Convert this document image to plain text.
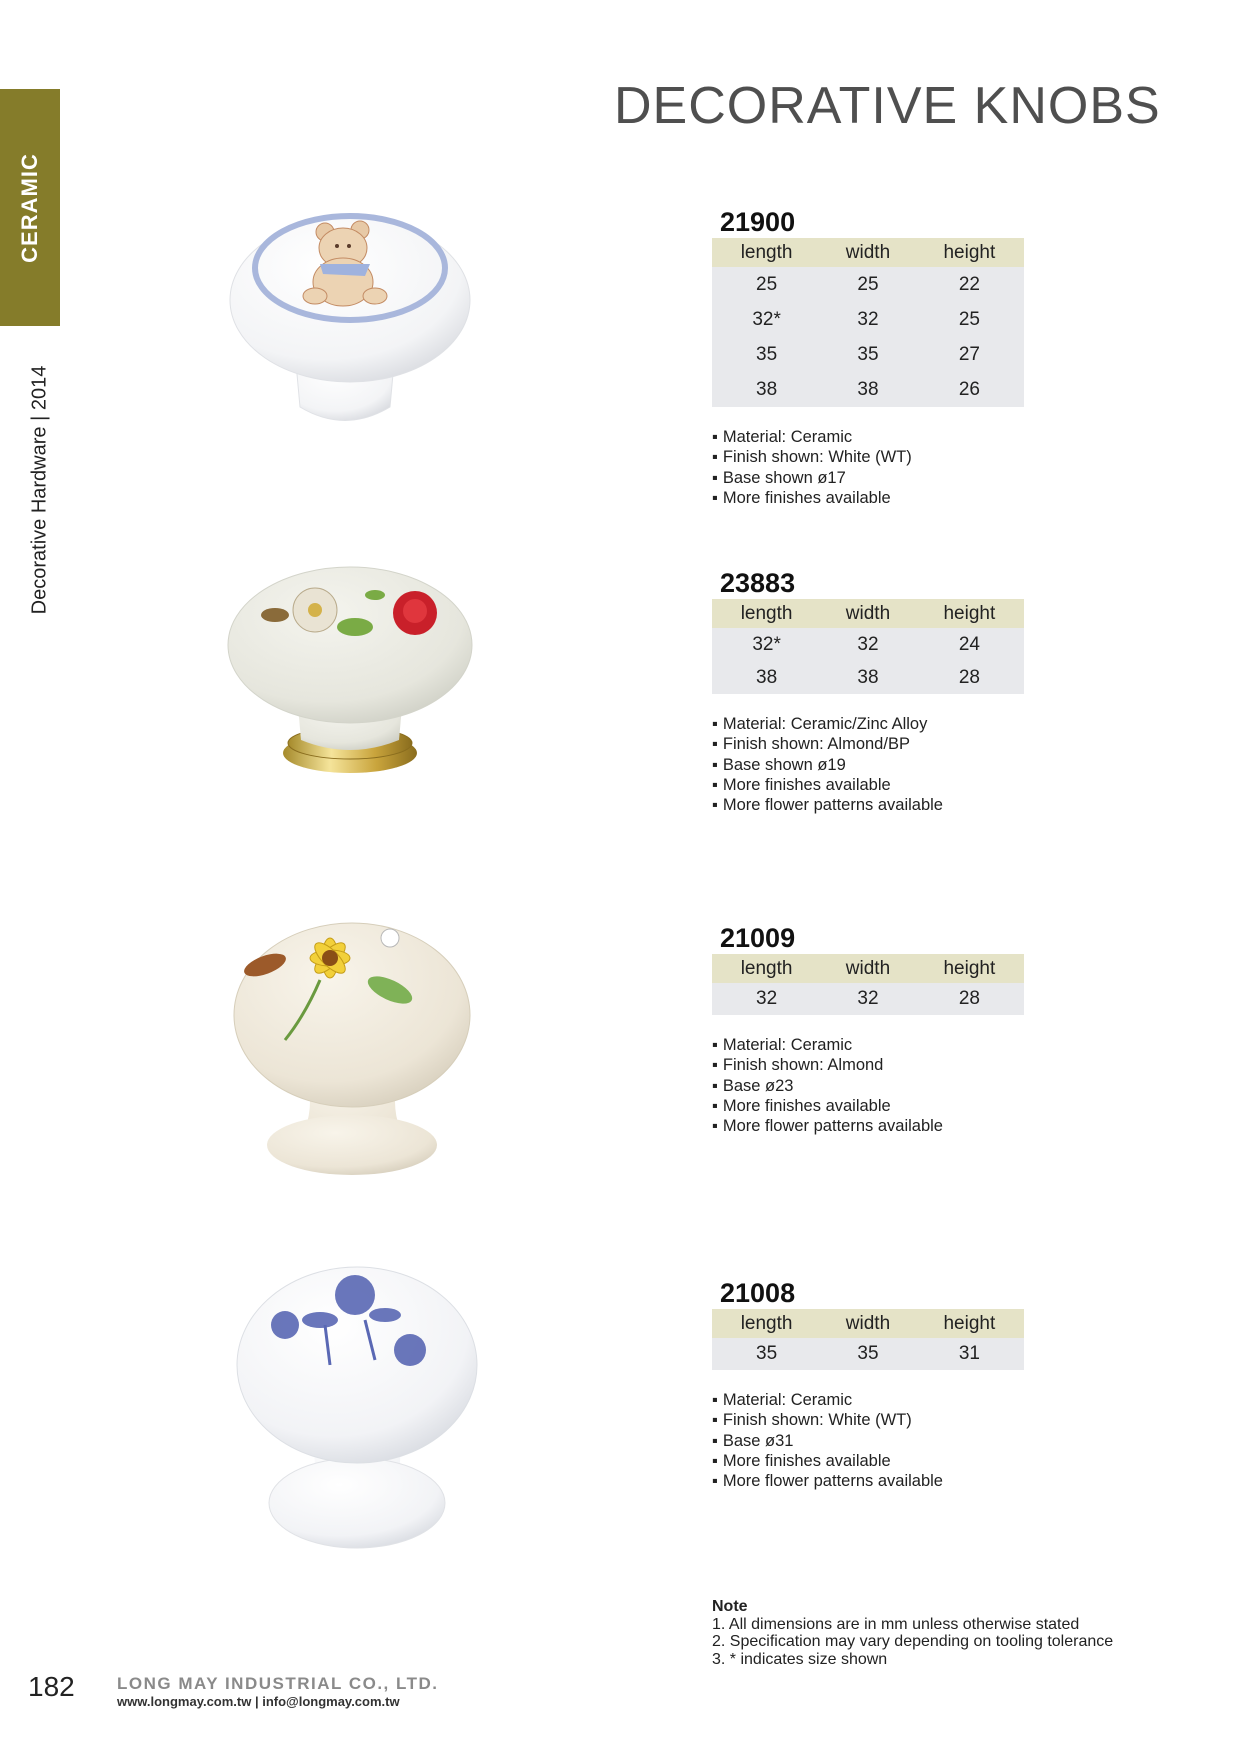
CERAMIC
Decorative Hardware | 2014
DECORATIVE KNOBS
21900
length	width	height
25	25	22
32*	32	25
35	35	27
38	38	26
▪ Material: Ceramic
▪ Finish shown: White (WT)
▪ Base shown ø17
▪ More finishes available
23883
length	width	height
32*	32	24
38	38	28
▪ Material: Ceramic/Zinc Alloy
▪ Finish shown: Almond/BP
▪ Base shown ø19
▪ More finishes available
▪ More flower patterns available
21009
length	width	height
32	32	28
▪ Material: Ceramic
▪ Finish shown: Almond
▪ Base ø23
▪ More finishes available
▪ More flower patterns available
21008
length	width	height
35	35	31
▪ Material: Ceramic
▪ Finish shown: White (WT)
▪ Base ø31
▪ More finishes available
▪ More flower patterns available
Note
1. All dimensions are in mm unless otherwise stated
2. Specification may vary depending on tooling tolerance
3. * indicates size shown
182 LONG MAY INDUSTRIAL CO., LTD.
www.longmay.com.tw | info@longmay.com.tw
